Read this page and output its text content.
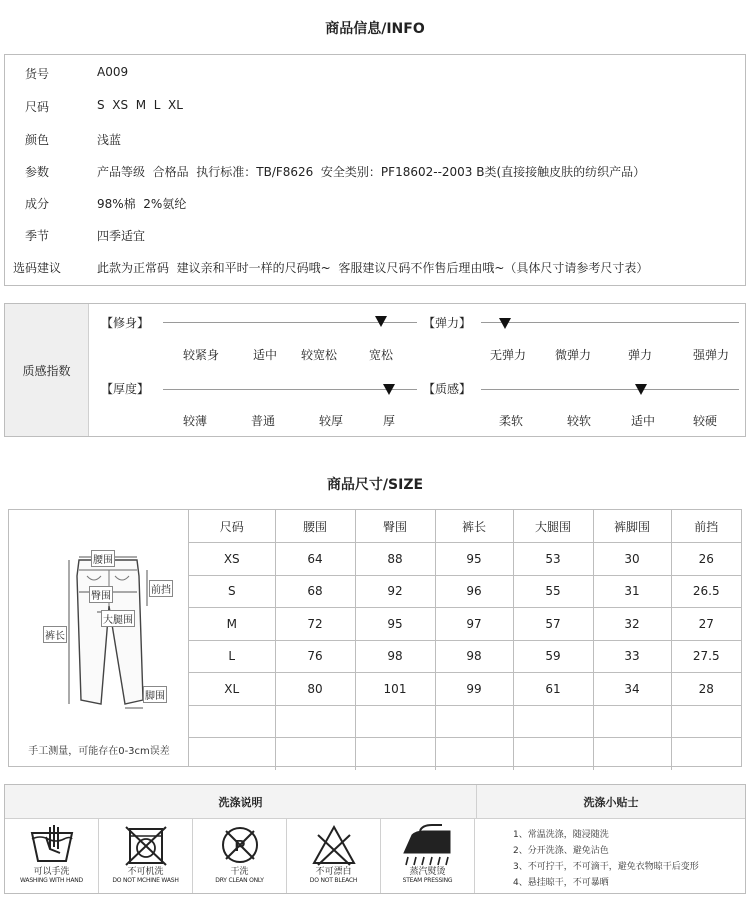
商品信息/INFO
货号	A009
尺码	S  XS  M  L  XL
颜色	浅蓝
参数	产品等级  合格品  执行标准：TB/F8626  安全类别：PF18602--2003 B类(直接接触皮肤的纺织产品）
成分	98%棉  2%氨纶
季节	四季适宜
选码建议	此款为正常码  建议亲和平时一样的尺码哦~  客服建议尺码不作售后理由哦~（具体尺寸请参考尺寸表）
质感指数
【修身】
较紧身	适中	较宽松	宽松
【弹力】
无弹力	微弹力	弹力	强弹力
【厚度】
较薄	普通	较厚	厚
【质感】
柔软	较软	适中	较硬
商品尺寸/SIZE
腰围
臀围
前挡
大腿围
裤长
脚围
手工测量，可能存在0-3cm误差
尺码	腰围	臀围	裤长	大腿围	裤脚围	前挡
XS	64	88	95	53	30	26
S	68	92	96	55	31	26.5
M	72	95	97	57	32	27
L	76	98	98	59	33	27.5
XL	80	101	99	61	34	28

洗涤说明	洗涤小贴士
可以手洗
WASHING WITH HAND
不可机洗
DO NOT MCHINE WASH
P
干洗
DRY CLEAN ONLY
不可漂白
DO NOT BLEACH
蒸汽熨烫
STEAM PRESSING
1、常温洗涤，随浸随洗
2、分开洗涤、避免沾色
3、不可拧干，不可滴干，避免衣物晾干后变形
4、悬挂晾干，不可暴晒
